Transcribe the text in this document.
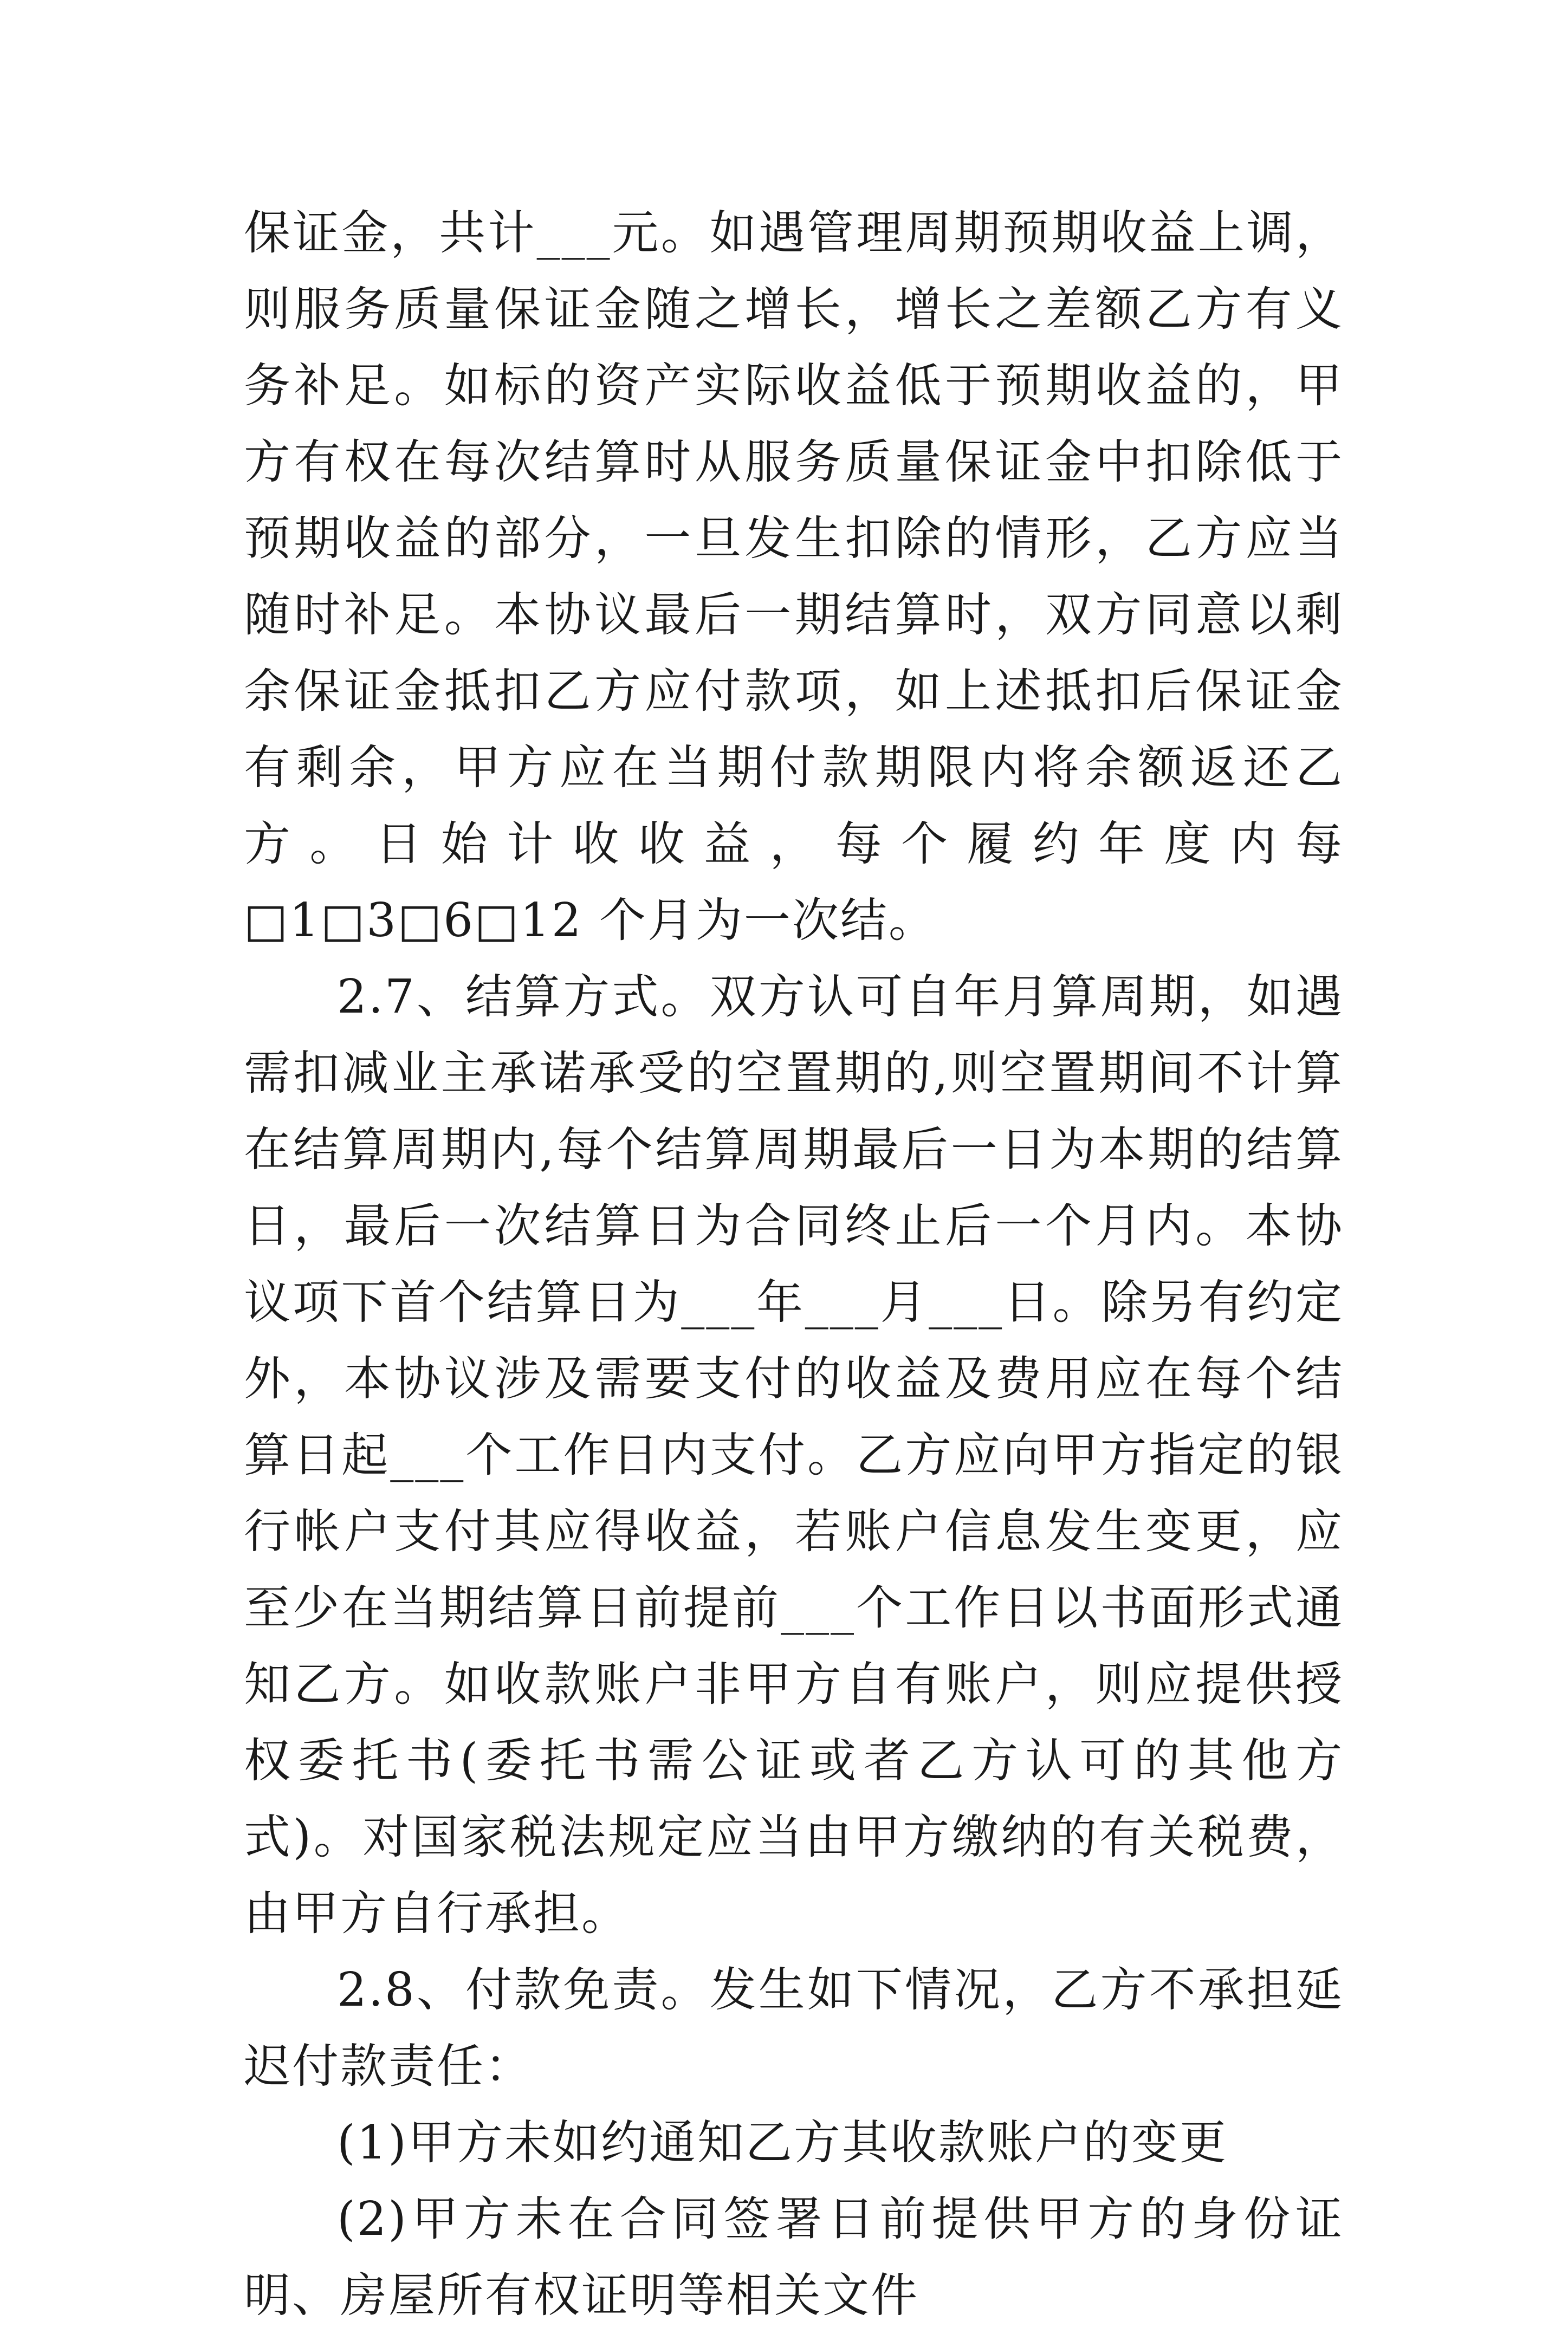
保证金，共计___元。如遇管理周期预期收益上调，则服务质量保证金随之增长，增长之差额乙方有义务补足。如标的资产实际收益低于预期收益的，甲方有权在每次结算时从服务质量保证金中扣除低于预期收益的部分，一旦发生扣除的情形，乙方应当随时补足。本协议最后一期结算时，双方同意以剩余保证金抵扣乙方应付款项，如上述抵扣后保证金有剩余，甲方应在当期付款期限内将余额返还乙方。日始计收收益，每个履约年度内每□1□3□6□12 个月为一次结。

2.7、结算方式。双方认可自年月算周期，如遇需扣减业主承诺承受的空置期的,则空置期间不计算在结算周期内,每个结算周期最后一日为本期的结算日，最后一次结算日为合同终止后一个月内。本协议项下首个结算日为___年___月___日。除另有约定外，本协议涉及需要支付的收益及费用应在每个结算日起___个工作日内支付。乙方应向甲方指定的银行帐户支付其应得收益，若账户信息发生变更，应至少在当期结算日前提前___个工作日以书面形式通知乙方。如收款账户非甲方自有账户，则应提供授权委托书(委托书需公证或者乙方认可的其他方式)。对国家税法规定应当由甲方缴纳的有关税费，由甲方自行承担。

2.8、付款免责。发生如下情况，乙方不承担延迟付款责任：

(1)甲方未如约通知乙方其收款账户的变更

(2)甲方未在合同签署日前提供甲方的身份证明、房屋所有权证明等相关文件
